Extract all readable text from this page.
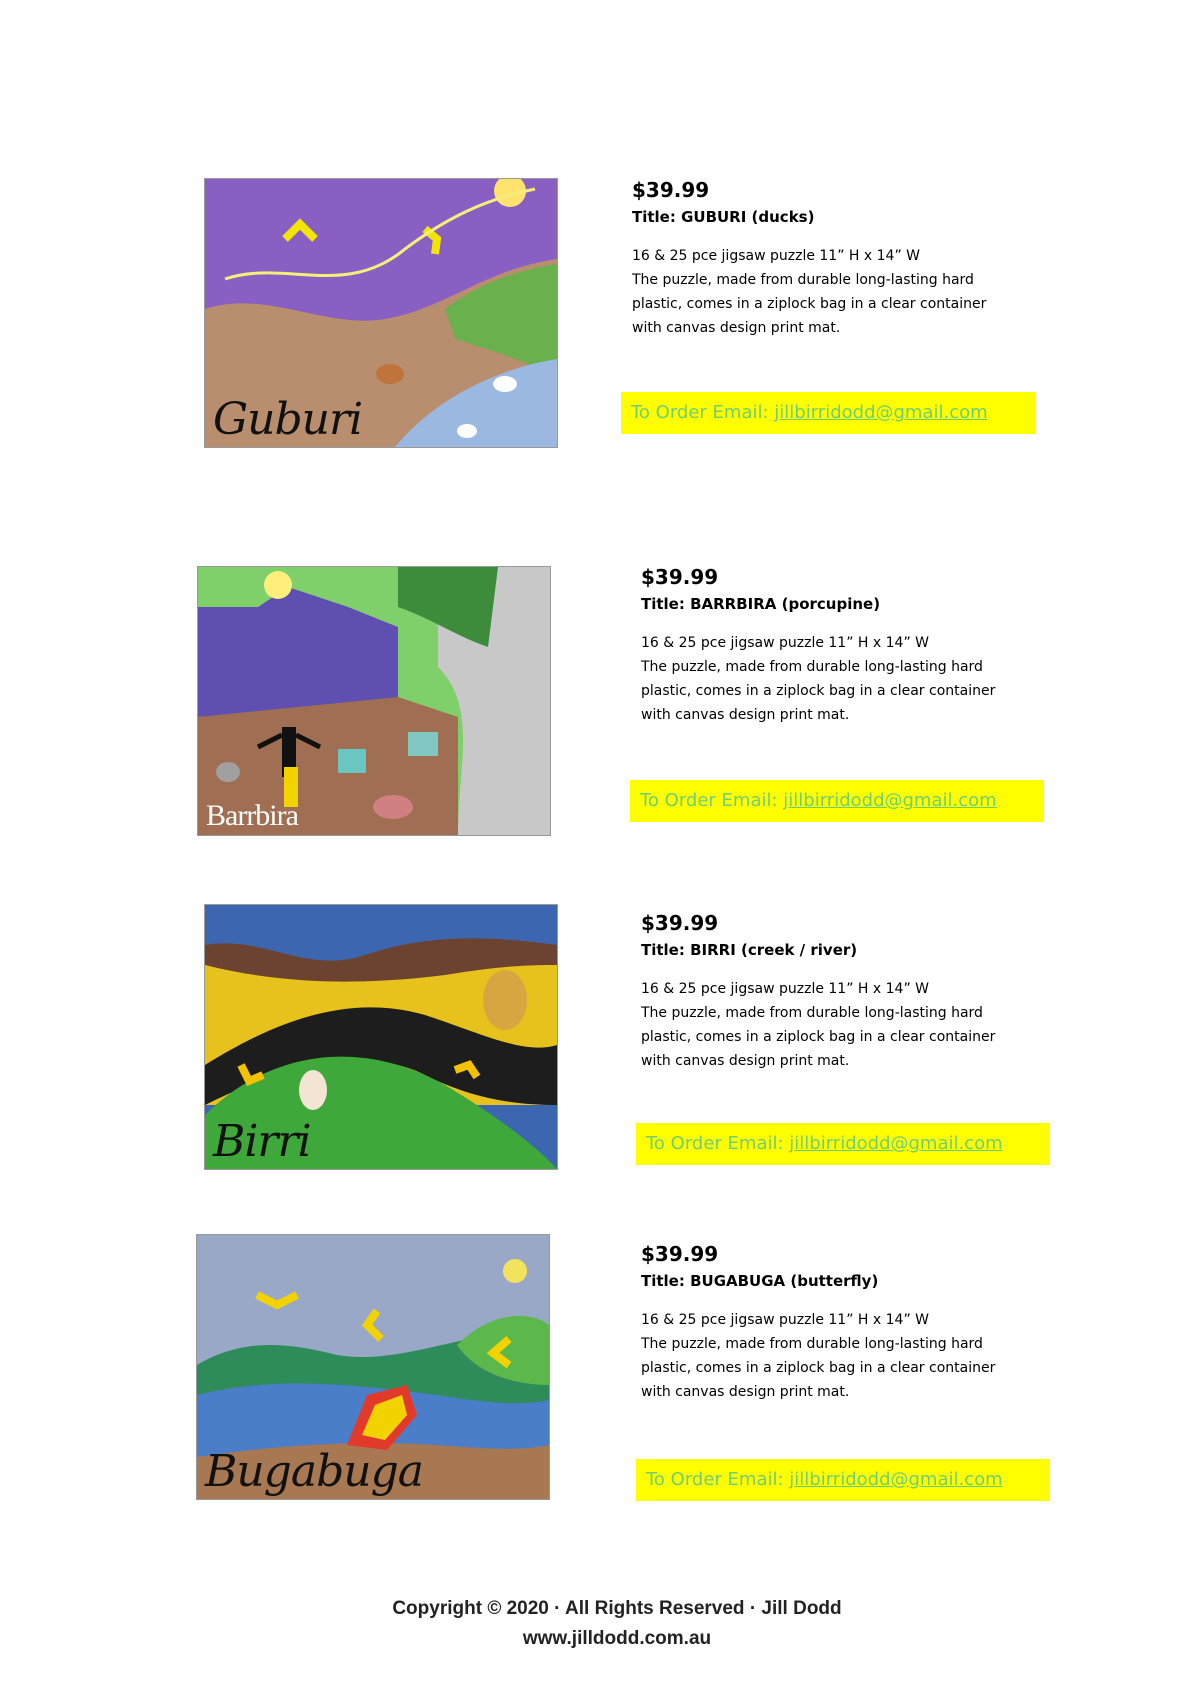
Guburi
$39.99
Title: GUBURI (ducks)
16 & 25 pce jigsaw puzzle 11” H x 14” W
The puzzle, made from durable long-lasting hard
plastic, comes in a ziplock bag in a clear container
with canvas design print mat.
To Order Email: jillbirridodd@gmail.com
Barrbira
$39.99
Title: BARRBIRA (porcupine)
16 & 25 pce jigsaw puzzle 11” H x 14” W
The puzzle, made from durable long-lasting hard
plastic, comes in a ziplock bag in a clear container
with canvas design print mat.
To Order Email: jillbirridodd@gmail.com
Birri
$39.99
Title: BIRRI (creek / river)
16 & 25 pce jigsaw puzzle 11” H x 14” W
The puzzle, made from durable long-lasting hard
plastic, comes in a ziplock bag in a clear container
with canvas design print mat.
To Order Email: jillbirridodd@gmail.com
Bugabuga
$39.99
Title: BUGABUGA (butterfly)
16 & 25 pce jigsaw puzzle 11” H x 14” W
The puzzle, made from durable long-lasting hard
plastic, comes in a ziplock bag in a clear container
with canvas design print mat.
To Order Email: jillbirridodd@gmail.com
Copyright © 2020 · All Rights Reserved · Jill Dodd
www.jilldodd.com.au
